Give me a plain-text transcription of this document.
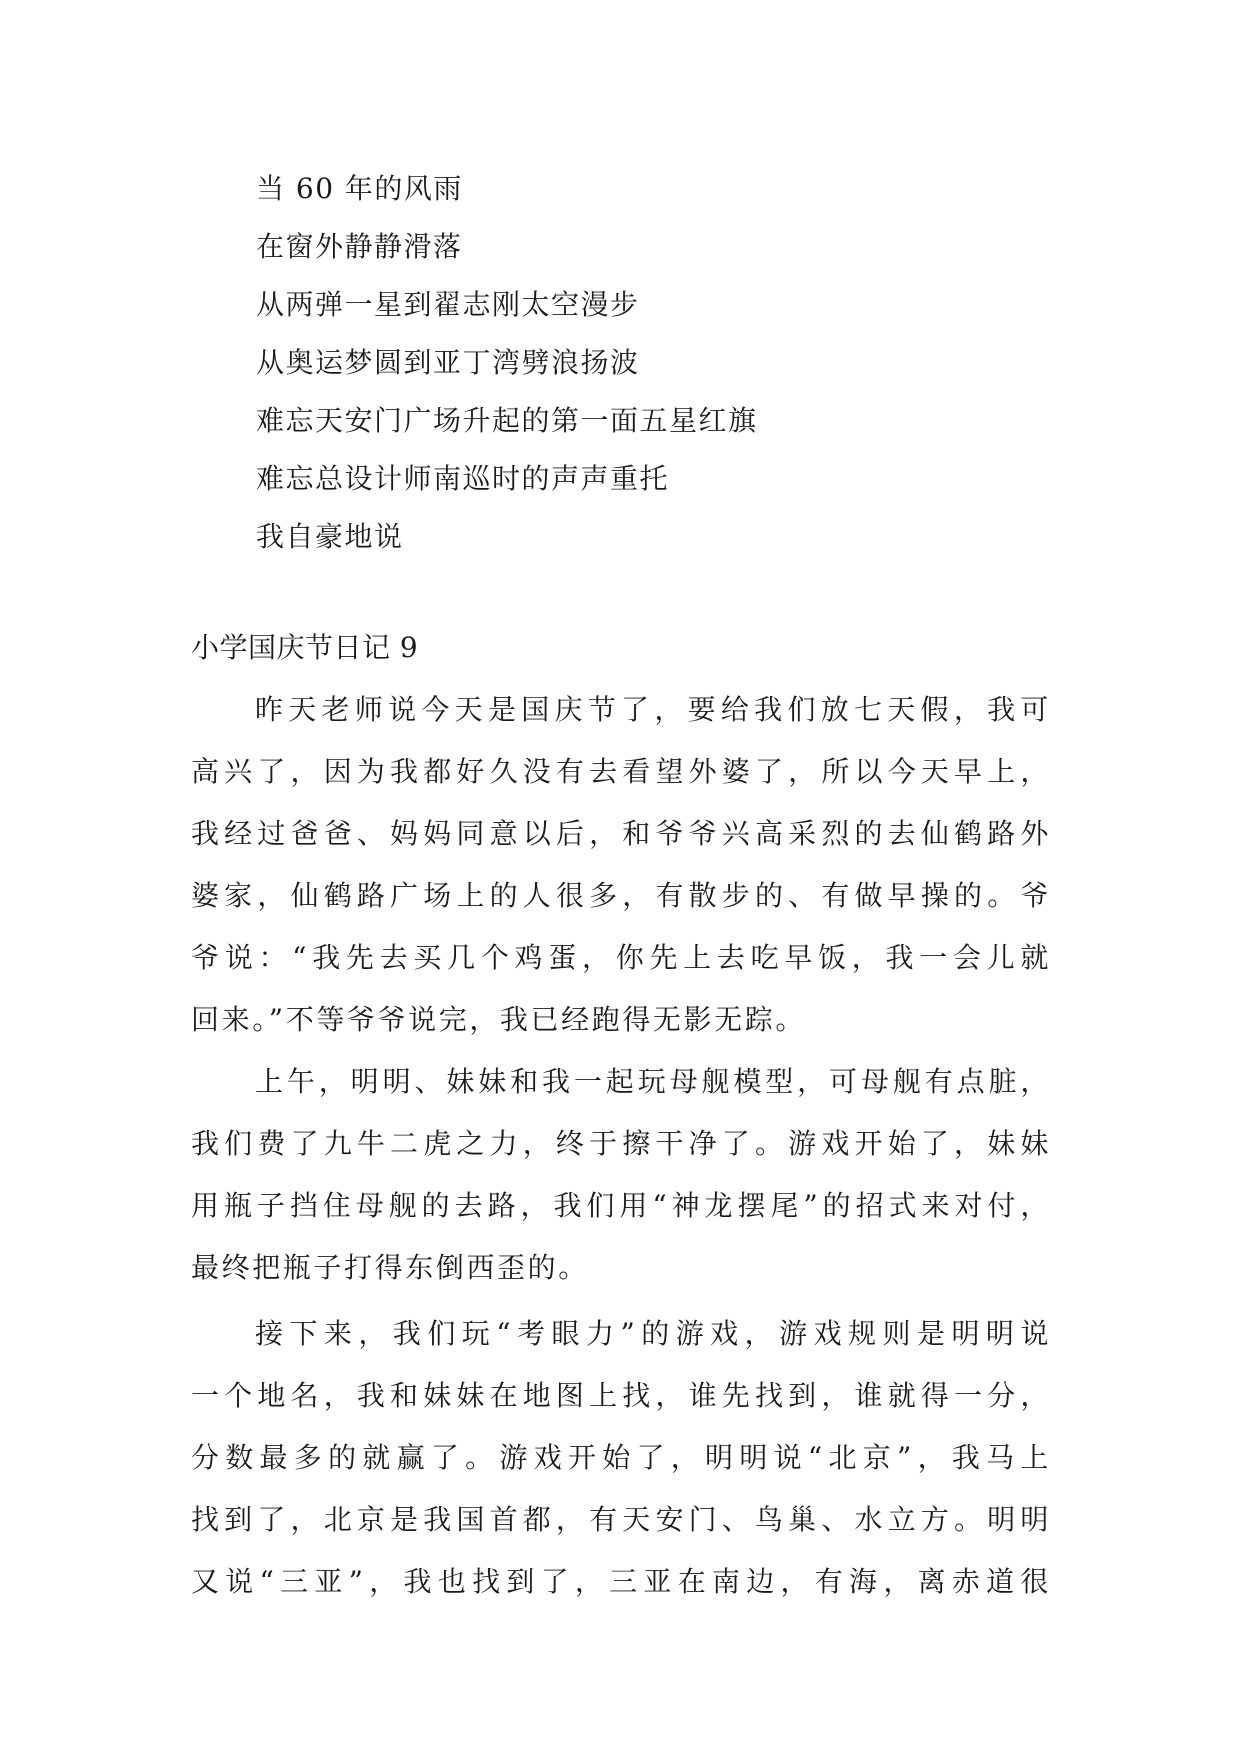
当 60 年的风雨
在窗外静静滑落
从两弹一星到翟志刚太空漫步
从奥运梦圆到亚丁湾劈浪扬波
难忘天安门广场升起的第一面五星红旗
难忘总设计师南巡时的声声重托
我自豪地说
小学国庆节日记 9
昨天老师说今天是国庆节了，要给我们放七天假，我可
高兴了，因为我都好久没有去看望外婆了，所以今天早上，
我经过爸爸、妈妈同意以后，和爷爷兴高采烈的去仙鹤路外
婆家，仙鹤路广场上的人很多，有散步的、有做早操的。爷
爷说：“我先去买几个鸡蛋，你先上去吃早饭，我一会儿就
回来。”不等爷爷说完，我已经跑得无影无踪。
上午，明明、妹妹和我一起玩母舰模型，可母舰有点脏，
我们费了九牛二虎之力，终于擦干净了。游戏开始了，妹妹
用瓶子挡住母舰的去路，我们用“神龙摆尾”的招式来对付，
最终把瓶子打得东倒西歪的。
接下来，我们玩“考眼力”的游戏，游戏规则是明明说
一个地名，我和妹妹在地图上找，谁先找到，谁就得一分，
分数最多的就赢了。游戏开始了，明明说“北京”，我马上
找到了，北京是我国首都，有天安门、鸟巢、水立方。明明
又说“三亚”，我也找到了，三亚在南边，有海，离赤道很
